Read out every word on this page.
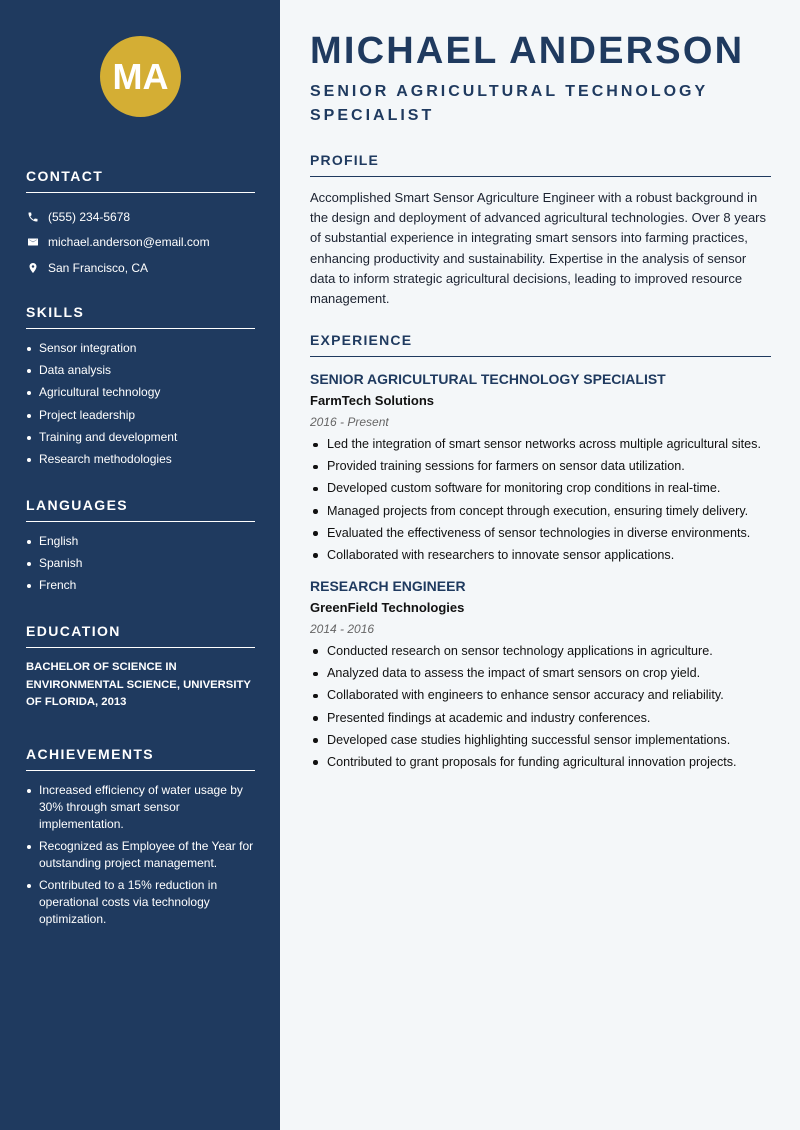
MA
CONTACT
(555) 234-5678
michael.anderson@email.com
San Francisco, CA
SKILLS
Sensor integration
Data analysis
Agricultural technology
Project leadership
Training and development
Research methodologies
LANGUAGES
English
Spanish
French
EDUCATION

BACHELOR OF SCIENCE IN ENVIRONMENTAL SCIENCE, UNIVERSITY OF FLORIDA, 2013

ACHIEVEMENTS
Increased efficiency of water usage by 30% through smart sensor implementation.
Recognized as Employee of the Year for outstanding project management.
Contributed to a 15% reduction in operational costs via technology optimization.
MICHAEL ANDERSON
SENIOR AGRICULTURAL TECHNOLOGY SPECIALIST
PROFILE

Accomplished Smart Sensor Agriculture Engineer with a robust background in the design and deployment of advanced agricultural technologies. Over 8 years of substantial experience in integrating smart sensors into farming practices, enhancing productivity and sustainability. Expertise in the analysis of sensor data to inform strategic agricultural decisions, leading to improved resource management.

EXPERIENCE
SENIOR AGRICULTURAL TECHNOLOGY SPECIALIST
FarmTech Solutions
2016 - Present
Led the integration of smart sensor networks across multiple agricultural sites.
Provided training sessions for farmers on sensor data utilization.
Developed custom software for monitoring crop conditions in real-time.
Managed projects from concept through execution, ensuring timely delivery.
Evaluated the effectiveness of sensor technologies in diverse environments.
Collaborated with researchers to innovate sensor applications.
RESEARCH ENGINEER
GreenField Technologies
2014 - 2016
Conducted research on sensor technology applications in agriculture.
Analyzed data to assess the impact of smart sensors on crop yield.
Collaborated with engineers to enhance sensor accuracy and reliability.
Presented findings at academic and industry conferences.
Developed case studies highlighting successful sensor implementations.
Contributed to grant proposals for funding agricultural innovation projects.
